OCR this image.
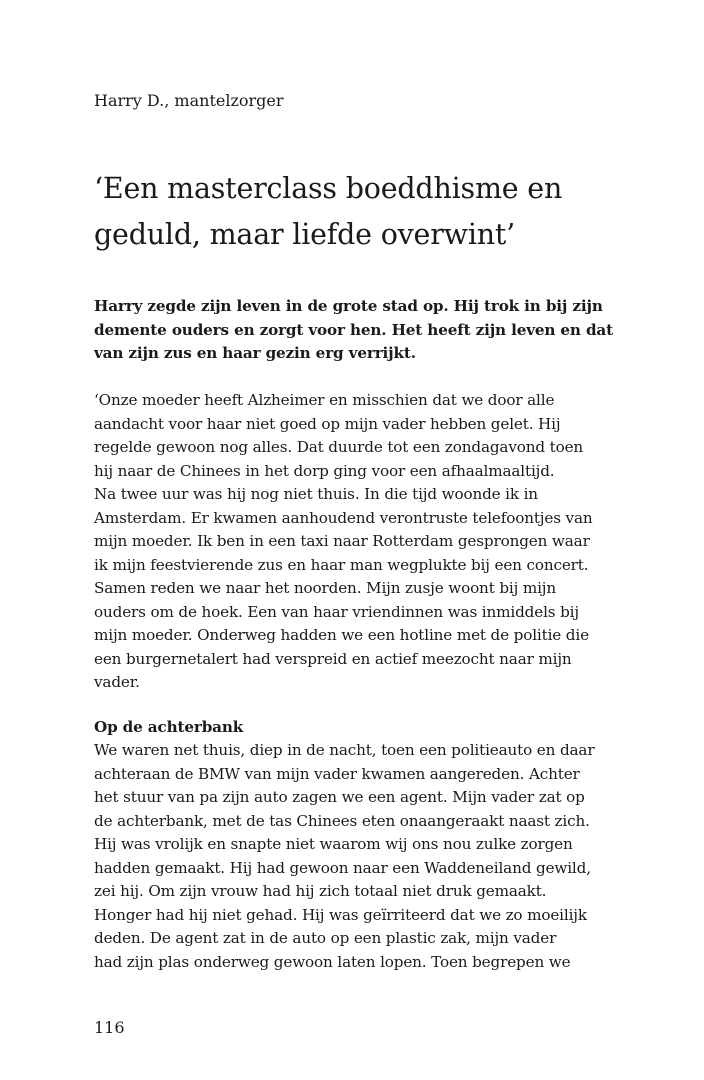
Harry D., mantelzorger
‘Een masterclass boeddhisme en
geduld, maar liefde overwint’

Harry zegde zijn leven in de grote stad op. Hij trok in bij zijn
demente ouders en zorgt voor hen. Het heeft zijn leven en dat
van zijn zus en haar gezin erg verrijkt.

‘Onze moeder heeft Alzheimer en misschien dat we door alle
aandacht voor haar niet goed op mijn vader hebben gelet. Hij
regelde gewoon nog alles. Dat duurde tot een zondagavond toen
hij naar de Chinees in het dorp ging voor een afhaalmaaltijd.
Na twee uur was hij nog niet thuis. In die tijd woonde ik in
Amsterdam. Er kwamen aanhoudend verontruste telefoontjes van
mijn moeder. Ik ben in een taxi naar Rotterdam gesprongen waar
ik mijn feestvierende zus en haar man wegplukte bij een concert.
Samen reden we naar het noorden. Mijn zusje woont bij mijn
ouders om de hoek. Een van haar vriendinnen was inmiddels bij
mijn moeder. Onderweg hadden we een hotline met de politie die
een burgernetalert had verspreid en actief meezocht naar mijn
vader.
Op de achterbank
We waren net thuis, diep in de nacht, toen een politieauto en daar
achteraan de BMW van mijn vader kwamen aangereden. Achter
het stuur van pa zijn auto zagen we een agent. Mijn vader zat op
de achterbank, met de tas Chinees eten onaangeraakt naast zich.
Hij was vrolijk en snapte niet waarom wij ons nou zulke zorgen
hadden gemaakt. Hij had gewoon naar een Waddeneiland gewild,
zei hij. Om zijn vrouw had hij zich totaal niet druk gemaakt.
Honger had hij niet gehad. Hij was geïrriteerd dat we zo moeilijk
deden. De agent zat in de auto op een plastic zak, mijn vader
had zijn plas onderweg gewoon laten lopen. Toen begrepen we
116
